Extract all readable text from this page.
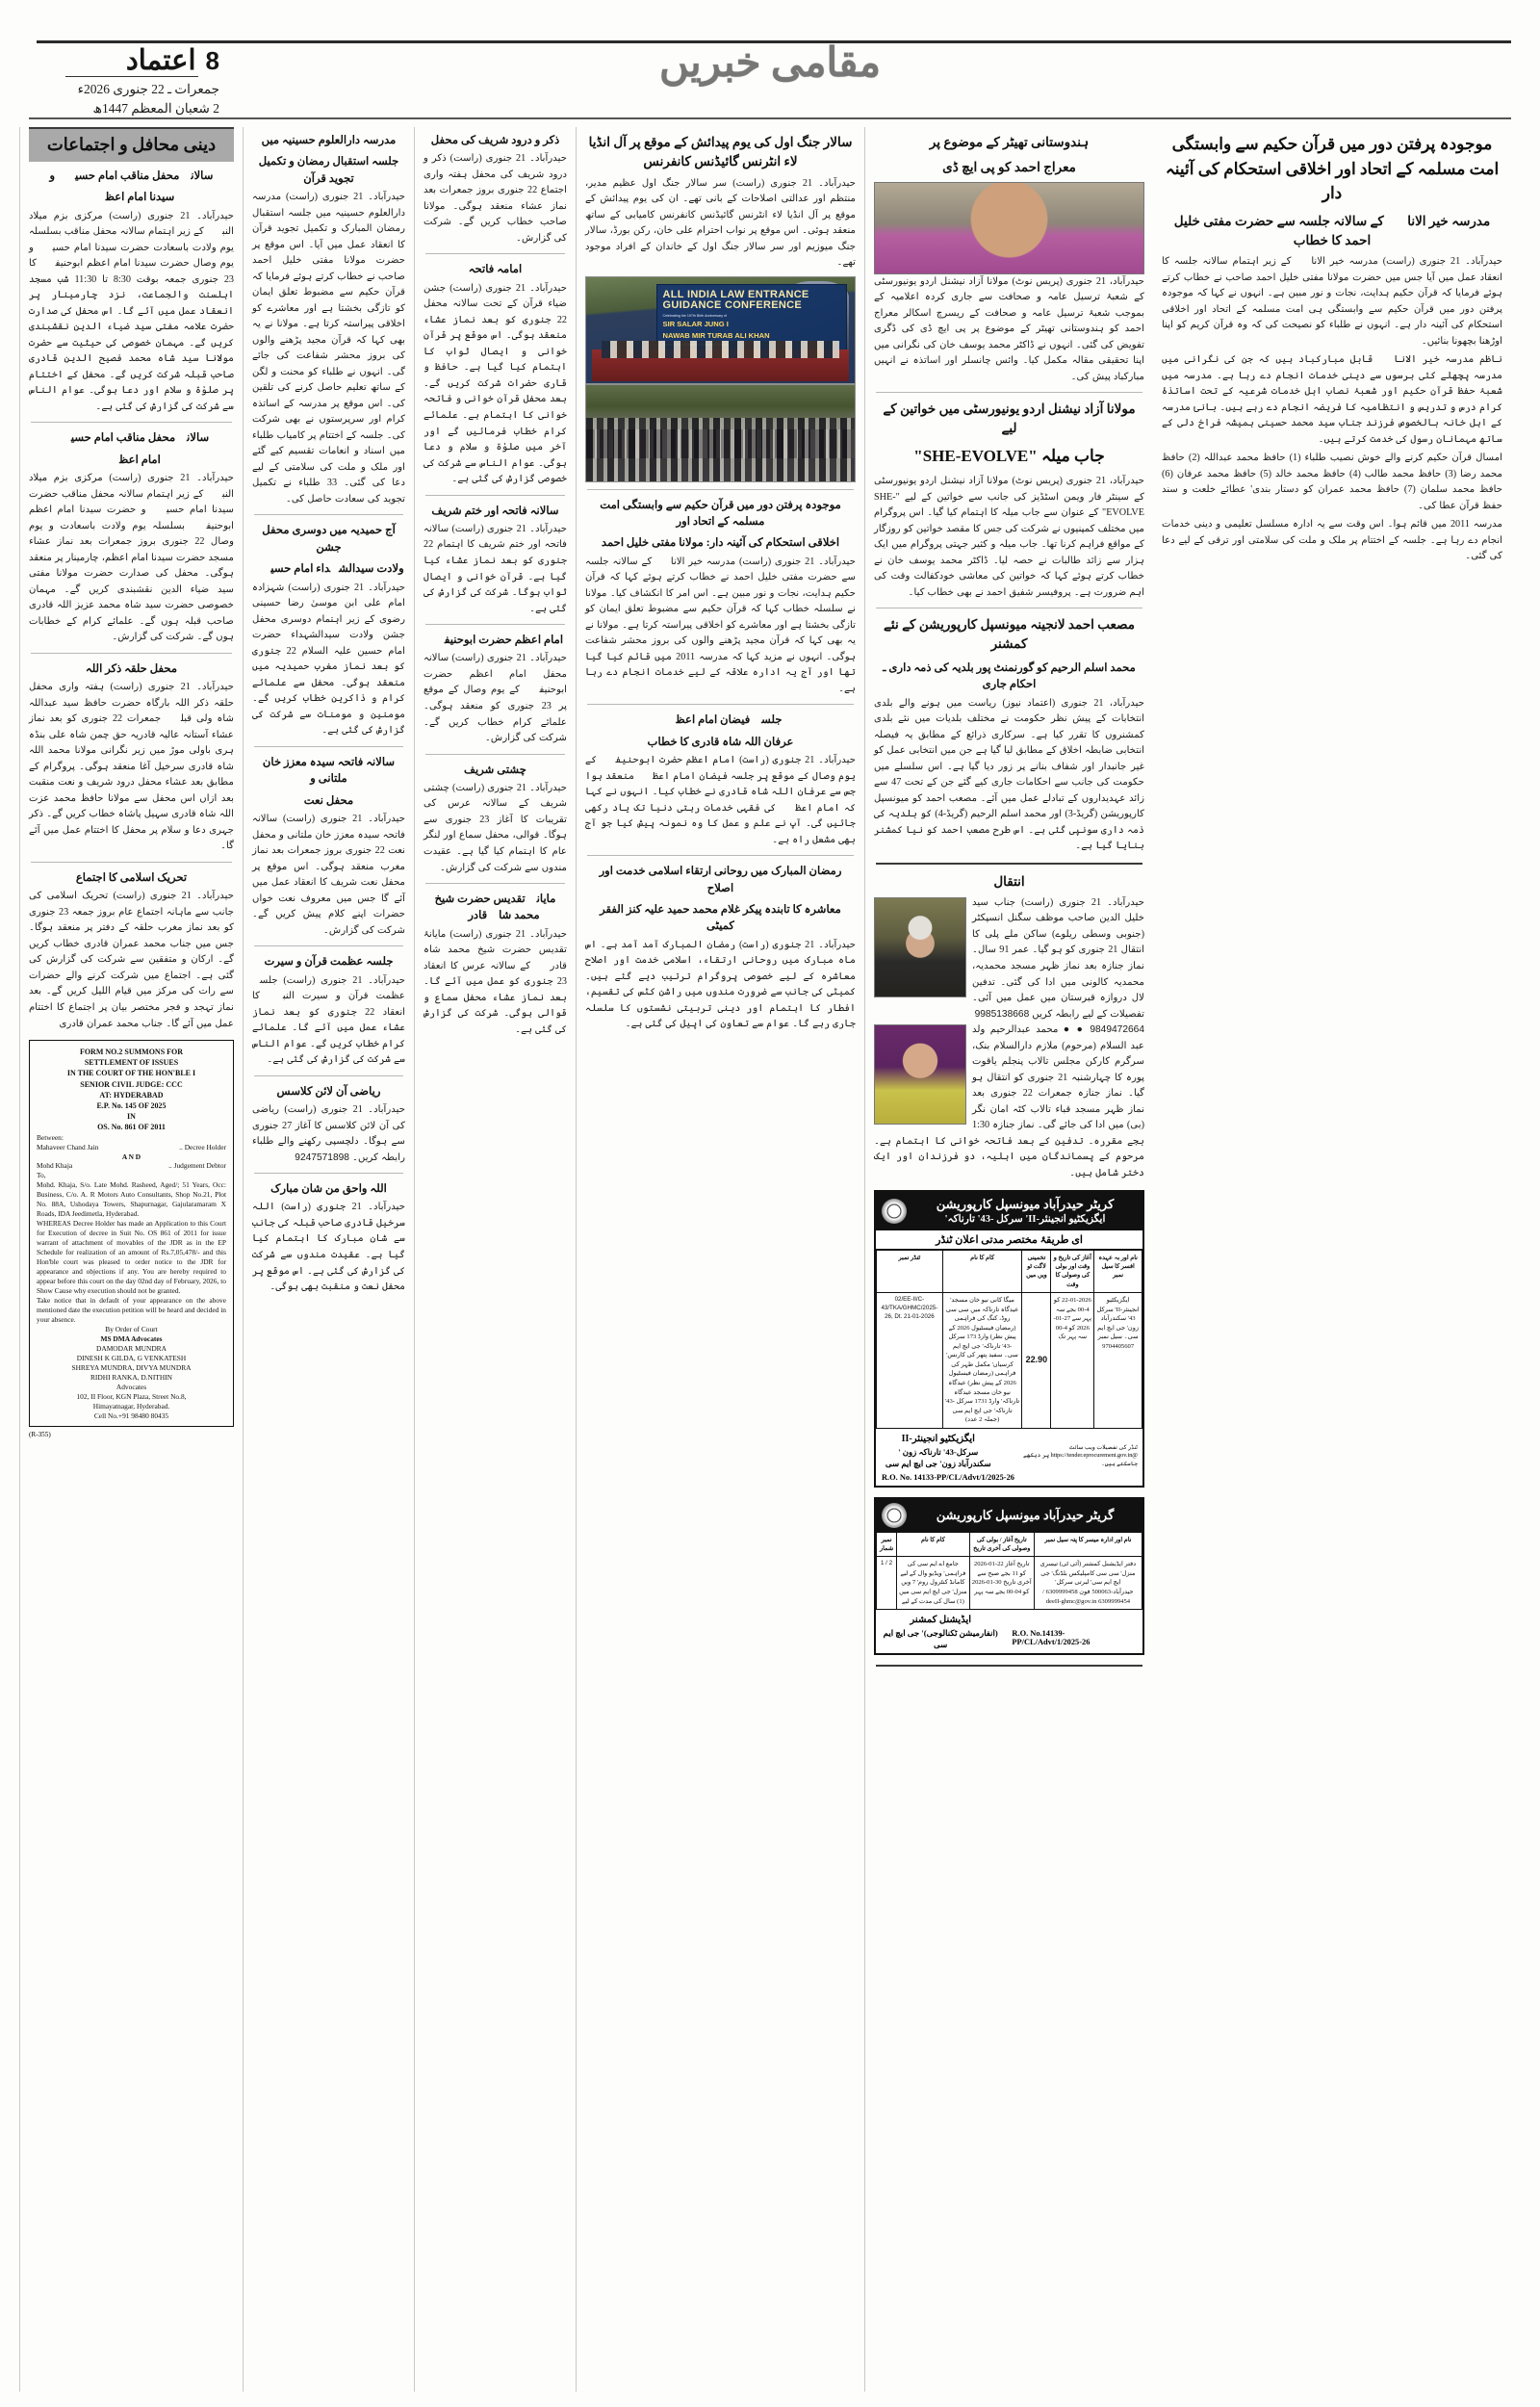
8اعتماد
جمعرات ـ 22 جنوری 2026ء
2 شعبان المعظم 1447ھ
مقامی خبریں
دینی محافل و اجتماعات
سالانہ محفل مناقب امام حسینؓ و
سیدنا امام اعظمؒ
حیدرآباد۔ 21 جنوری (راست) مرکزی بزم میلاد النبیؐ کے زیر اہتمام سالانہ محفل مناقب بسلسلہ یوم ولادت باسعادت حضرت سیدنا امام حسینؓ و یوم وصال حضرت سیدنا امام اعظم ابوحنیفہؒ کا 23 جنوری جمعہ بوقت 8:30 تا 11:30 شب مسجد اہلسنت والجماعت، نزد چارمینار پر انعقاد عمل میں آئے گا۔ اس محفل کی صدارت حضرت علامہ مفتی سید ضیاء الدین نقشبندی کریں گے۔ مہمان خصوصی کی حیثیت سے حضرت مولانا سید شاہ محمد فصیح الدین قادری صاحب قبلہ شرکت کریں گے۔ محفل کے اختتام پر صلوٰۃ و سلام اور دعا ہوگی۔ عوام الناس سے شرکت کی گزارش کی گئی ہے۔
سالانہ محفل مناقب امام حسینؓ
امام اعظمؒ
حیدرآباد۔ 21 جنوری (راست) مرکزی بزم میلاد النبیؐ کے زیر اہتمام سالانہ محفل مناقب حضرت سیدنا امام حسینؓ و حضرت سیدنا امام اعظم ابوحنیفہؒ بسلسلہ یوم ولادت باسعادت و یوم وصال 22 جنوری بروز جمعرات بعد نماز عشاء مسجد حضرت سیدنا امام اعظم، چارمینار پر منعقد ہوگی۔ محفل کی صدارت حضرت مولانا مفتی سید ضیاء الدین نقشبندی کریں گے۔ مہمان خصوصی حضرت سید شاہ محمد عزیز اللہ قادری صاحب قبلہ ہوں گے۔ علمائے کرام کے خطابات ہوں گے۔ شرکت کی گزارش۔
محفل حلقہ ذکر اللہ
حیدرآباد۔ 21 جنوری (راست) ہفتہ واری محفل حلقہ ذکر اللہ بارگاہ حضرت حافظ سید عبداللہ شاہ ولی قبلہؒ جمعرات 22 جنوری کو بعد نماز عشاء آستانہ عالیہ قادریہ حق چمن شاہ علی بنڈہ ہری باولی موڑ میں زیر نگرانی مولانا محمد اللہ شاہ قادری سرخیل آغا منعقد ہوگی۔ پروگرام کے مطابق بعد عشاء محفل درود شریف و نعت منقبت بعد ازاں اس محفل سے مولانا حافظ محمد عزت اللہ شاہ قادری سہیل پاشاہ خطاب کریں گے۔ ذکر جہری دعا و سلام پر محفل کا اختتام عمل میں آئے گا۔
تحریک اسلامی کا اجتماع
حیدرآباد۔ 21 جنوری (راست) تحریک اسلامی کی جانب سے ماہانہ اجتماع عام بروز جمعہ 23 جنوری کو بعد نماز مغرب حلقہ کے دفتر پر منعقد ہوگا۔ جس میں جناب محمد عمران قادری خطاب کریں گے۔ ارکان و متفقین سے شرکت کی گزارش کی گئی ہے۔ اجتماع میں شرکت کرنے والے حضرات سے رات کی مرکز میں قیام اللیل کریں گے۔ بعد نماز تہجد و فجر مختصر بیان پر اجتماع کا اختتام عمل میں آئے گا۔ جناب محمد عمران قادری
FORM NO.2 SUMMONS FOR
SETTLEMENT OF ISSUES
IN THE COURT OF THE HON'BLE I
SENIOR CIVIL JUDGE: CCC
AT: HYDERABAD
E.P. No. 145 OF 2025
IN
OS. No. 861 OF 2011
Between:
Mahaveer Chand Jain	.. Decree Holder
A N D
Mohd Khaja	.. Judgement Debtor
To,
Mohd. Khaja, S/o. Late Mohd. Rasheed, Aged/; 51 Years, Occ: Business, C/o. A. R Motors Auto Consultants, Shop No.21, Plot No. 88A, Ushodaya Towers, Shapurnagar, Gajularamaram X Roads, IDA Jeedimetla, Hyderabad.
WHEREAS Decree Holder has made an Application to this Court for Execution of decree in Suit No. OS 861 of 2011 for issue warrant of attachment of movables of the JDR as in the EP Schedule for realization of an amount of Rs.7,05,478/- and this Hon'ble court was pleased to order notice to the JDR for appearance and objections if any. You are hereby required to appear before this court on the day 02nd day of February, 2026, to Show Cause why execution should not be granted.
Take notice that in default of your appearance on the above mentioned date the execution petition will be heard and decided in your absence.
By Order of Court
MS DMA Advocates
DAMODAR MUNDRA
DINESH K GILDA, G VENKATESH
SHREYA MUNDRA, DIVYA MUNDRA
RIDHI RANKA, D.NITHIN
Advocates
102, II Floor, KGN Plaza, Street No.8,
Himayatnagar, Hyderabad.
Cell No.+91 98480 80435
(R-355)
مدرسہ دارالعلوم حسینیہ میں
جلسہ استقبال رمضان و تکمیل تجوید قرآن
حیدرآباد۔ 21 جنوری (راست) مدرسہ دارالعلوم حسینیہ میں جلسہ استقبال رمضان المبارک و تکمیل تجوید قرآن کا انعقاد عمل میں آیا۔ اس موقع پر حضرت مولانا مفتی خلیل احمد صاحب نے خطاب کرتے ہوئے فرمایا کہ قرآن حکیم سے مضبوط تعلق ایمان کو تازگی بخشتا ہے اور معاشرے کو اخلاقی پیراستہ کرتا ہے۔ مولانا نے یہ بھی کہا کہ قرآن مجید پڑھنے والوں کی بروز محشر شفاعت کی جائے گی۔ انہوں نے طلباء کو محنت و لگن کے ساتھ تعلیم حاصل کرنے کی تلقین کی۔ اس موقع پر مدرسہ کے اساتذہ کرام اور سرپرستوں نے بھی شرکت کی۔ جلسہ کے اختتام پر کامیاب طلباء میں اسناد و انعامات تقسیم کیے گئے اور ملک و ملت کی سلامتی کے لیے دعا کی گئی۔ 33 طلباء نے تکمیل تجوید کی سعادت حاصل کی۔
آج حمیدیہ میں دوسری محفل جشن
ولادت سیدالشہداء امام حسینؓ
حیدرآباد۔ 21 جنوری (راست) شہزادہ امام علی ابن موسیٰ رضا حسینی رضوی کے زیر اہتمام دوسری محفل جشن ولادت سیدالشہداء حضرت امام حسین علیہ السلام 22 جنوری کو بعد نماز مغرب حمیدیہ میں منعقد ہوگی۔ محفل سے علمائے کرام و ذاکرین خطاب کریں گے۔ مومنین و مومنات سے شرکت کی گزارش کی گئی ہے۔
سالانہ فاتحہ سیدہ معزز خان ملتانی و
محفل نعت
حیدرآباد۔ 21 جنوری (راست) سالانہ فاتحہ سیدہ معزز خان ملتانی و محفل نعت 22 جنوری بروز جمعرات بعد نماز مغرب منعقد ہوگی۔ اس موقع پر محفل نعت شریف کا انعقاد عمل میں آئے گا جس میں معروف نعت خواں حضرات اپنے کلام پیش کریں گے۔ شرکت کی گزارش۔
جلسہ عظمت قرآن و سیرت
حیدرآباد۔ 21 جنوری (راست) جلسہ عظمت قرآن و سیرت النبیؐ کا انعقاد 22 جنوری کو بعد نماز عشاء عمل میں آئے گا۔ علمائے کرام خطاب کریں گے۔ عوام الناس سے شرکت کی گزارش کی گئی ہے۔
ریاضی آن لائن کلاسس
حیدرآباد۔ 21 جنوری (راست) ریاضی کی آن لائن کلاسس کا آغاز 27 جنوری سے ہوگا۔ دلچسپی رکھنے والے طلباء رابطہ کریں۔ 9247571898
اللہ واحق من شان مبارک
حیدرآباد۔ 21 جنوری (راست) اللہ سرخیل قادری صاحب قبلہ کی جانب سے شان مبارک کا اہتمام کیا گیا ہے۔ عقیدت مندوں سے شرکت کی گزارش کی گئی ہے۔ اس موقع پر محفل نعت و منقبت بھی ہوگی۔
ذکر و درود شریف کی محفل
حیدرآباد۔ 21 جنوری (راست) ذکر و درود شریف کی محفل ہفتہ واری اجتماع 22 جنوری بروز جمعرات بعد نماز عشاء منعقد ہوگی۔ مولانا صاحب خطاب کریں گے۔ شرکت کی گزارش۔
امامہ فاتحہ
حیدرآباد۔ 21 جنوری (راست) جشن ضیاء قرآن کے تحت سالانہ محفل 22 جنوری کو بعد نماز عشاء منعقد ہوگی۔ اس موقع پر قرآن خوانی و ایصال ثواب کا اہتمام کیا گیا ہے۔ حافظ و قاری حضرات شرکت کریں گے۔ بعد محفل قرآن خوانی و فاتحہ خوانی کا اہتمام ہے۔ علمائے کرام خطاب فرمائیں گے اور آخر میں صلوٰۃ و سلام و دعا ہوگی۔ عوام الناس سے شرکت کی خصوصی گزارش کی گئی ہے۔
سالانہ فاتحہ اور ختم شریف
حیدرآباد۔ 21 جنوری (راست) سالانہ فاتحہ اور ختم شریف کا اہتمام 22 جنوری کو بعد نماز عشاء کیا گیا ہے۔ قرآن خوانی و ایصال ثواب ہوگا۔ شرکت کی گزارش کی گئی ہے۔
امام اعظم حضرت ابوحنیفہؒ
حیدرآباد۔ 21 جنوری (راست) سالانہ محفل امام اعظم حضرت ابوحنیفہؒ کے یوم وصال کے موقع پر 23 جنوری کو منعقد ہوگی۔ علمائے کرام خطاب کریں گے۔ شرکت کی گزارش۔
چشتی شریف
حیدرآباد۔ 21 جنوری (راست) چشتی شریف کے سالانہ عرس کی تقریبات کا آغاز 23 جنوری سے ہوگا۔ قوالی، محفل سماع اور لنگر عام کا اہتمام کیا گیا ہے۔ عقیدت مندوں سے شرکت کی گزارش۔
مایانۂ تقدیس حضرت شیخ محمد شاہ قادریؒ
حیدرآباد۔ 21 جنوری (راست) مایانۂ تقدیس حضرت شیخ محمد شاہ قادریؒ کے سالانہ عرس کا انعقاد 23 جنوری کو عمل میں آئے گا۔ بعد نماز عشاء محفل سماع و قوالی ہوگی۔ شرکت کی گزارش کی گئی ہے۔
سالار جنگ اول کی یوم پیدائش کے موقع پر آل انڈیا لاء انٹرنس گائیڈنس کانفرنس
حیدرآباد۔ 21 جنوری (راست) سر سالار جنگ اول عظیم مدیر، منتظم اور عدالتی اصلاحات کے بانی تھے۔ ان کی یوم پیدائش کے موقع پر آل انڈیا لاء انٹرنس گائیڈنس کانفرنس کامیابی کے ساتھ منعقد ہوئی۔ اس موقع پر نواب احترام علی خان، رکن بورڈ، سالار جنگ میوزیم اور سر سالار جنگ اول کے خاندان کے افراد موجود تھے۔
ALL INDIA LAW ENTRANCE
GUIDANCE CONFERENCE
Celebrating the 197th Birth Anniversary of
SIR SALAR JUNG I
NAWAB MIR TURAB ALI KHAN
موجودہ پرفتن دور میں قرآن حکیم سے وابستگی امت مسلمہ کے اتحاد اور
اخلاقی استحکام کی آئینہ دار: مولانا مفتی خلیل احمد
حیدرآباد۔ 21 جنوری (راست) مدرسہ خیر الانامؐ کے سالانہ جلسہ سے حضرت مفتی خلیل احمد نے خطاب کرتے ہوئے کہا کہ قرآن حکیم ہدایت، نجات و نور مبین ہے۔ اس امر کا انکشاف کیا۔ مولانا نے سلسلہ خطاب کہا کہ قرآن حکیم سے مضبوط تعلق ایمان کو تازگی بخشتا ہے اور معاشرے کو اخلاقی پیراستہ کرتا ہے۔ مولانا نے یہ بھی کہا کہ قرآن مجید پڑھنے والوں کی بروز محشر شفاعت ہوگی۔ انہوں نے مزید کہا کہ مدرسہ 2011 میں قائم کیا گیا تھا اور آج یہ ادارہ علاقہ کے لیے خدمات انجام دے رہا ہے۔
جلسہ فیضان امام اعظمؒ
عرفان اللہ شاہ قادری کا خطاب
حیدرآباد۔ 21 جنوری (راست) امام اعظم حضرت ابوحنیفہؒ کے یوم وصال کے موقع پر جلسہ فیضان امام اعظمؒ منعقد ہوا جس سے عرفان اللہ شاہ قادری نے خطاب کیا۔ انہوں نے کہا کہ امام اعظمؒ کی فقہی خدمات رہتی دنیا تک یاد رکھی جائیں گی۔ آپ نے علم و عمل کا وہ نمونہ پیش کیا جو آج بھی مشعل راہ ہے۔
رمضان المبارک میں روحانی ارتقاء اسلامی خدمت اور اصلاح
معاشرہ کا تابندہ پیکر غلام محمد حمید علیہ کنز الفقر کمیٹی
حیدرآباد۔ 21 جنوری (راست) رمضان المبارک آمد آمد ہے۔ اس ماہ مبارک میں روحانی ارتقاء، اسلامی خدمت اور اصلاح معاشرہ کے لیے خصوصی پروگرام ترتیب دیے گئے ہیں۔ کمیٹی کی جانب سے ضرورت مندوں میں راشن کٹس کی تقسیم، افطار کا اہتمام اور دینی تربیتی نشستوں کا سلسلہ جاری رہے گا۔ عوام سے تعاون کی اپیل کی گئی ہے۔
ہندوستانی تھیٹر کے موضوع پر
معراج احمد کو پی ایچ ڈی
حیدرآباد، 21 جنوری (پریس نوٹ) مولانا آزاد نیشنل اردو یونیورسٹی کے شعبۂ ترسیل عامہ و صحافت سے جاری کردہ اعلامیہ کے بموجب شعبۂ ترسیل عامہ و صحافت کے ریسرچ اسکالر معراج احمد کو ہندوستانی تھیٹر کے موضوع پر پی ایچ ڈی کی ڈگری تفویض کی گئی۔ انہوں نے ڈاکٹر محمد یوسف خان کی نگرانی میں اپنا تحقیقی مقالہ مکمل کیا۔ وائس چانسلر اور اساتذہ نے انہیں مبارکباد پیش کی۔
مولانا آزاد نیشنل اردو یونیورسٹی میں خواتین کے لیے
"SHE-EVOLVE" جاب میلہ
حیدرآباد، 21 جنوری (پریس نوٹ) مولانا آزاد نیشنل اردو یونیورسٹی کے سینٹر فار ویمن اسٹڈیز کی جانب سے خواتین کے لیے "SHE-EVOLVE" کے عنوان سے جاب میلہ کا اہتمام کیا گیا۔ اس پروگرام میں مختلف کمپنیوں نے شرکت کی جس کا مقصد خواتین کو روزگار کے مواقع فراہم کرنا تھا۔ جاب میلہ و کثیر جہتی پروگرام میں ایک ہزار سے زائد طالبات نے حصہ لیا۔ ڈاکٹر محمد یوسف خان نے خطاب کرتے ہوئے کہا کہ خواتین کی معاشی خودکفالت وقت کی اہم ضرورت ہے۔ پروفیسر شفیق احمد نے بھی خطاب کیا۔
مصعب احمد لانجینہ میونسپل کارپوریشن کے نئے کمشنر
محمد اسلم الرحیم کو گورنمنٹ پور بلدیہ کی ذمہ داری ـ احکام جاری
حیدرآباد، 21 جنوری (اعتماد نیوز) ریاست میں ہونے والے بلدی انتخابات کے پیش نظر حکومت نے مختلف بلدیات میں نئے بلدی کمشنروں کا تقرر کیا ہے۔ سرکاری ذرائع کے مطابق یہ فیصلہ انتخابی ضابطہ اخلاق کے مطابق لیا گیا ہے جن میں انتخابی عمل کو غیر جانبدار اور شفاف بنانے پر زور دیا گیا ہے۔ اس سلسلے میں حکومت کی جانب سے احکامات جاری کیے گئے جن کے تحت 47 سے زائد عہدیداروں کے تبادلے عمل میں آئے۔ مصعب احمد کو میونسپل کارپوریشن (گریڈ-3) اور محمد اسلم الرحیم (گریڈ-4) کو بلدیہ کی ذمہ داری سونپی گئی ہے۔ اس طرح مصعب احمد کو نیا کمشنر بنایا گیا ہے۔
انتقال
حیدرآباد۔ 21 جنوری (راست) جناب سید خلیل الدین صاحب موظف سگنل انسپکٹر (جنوبی وسطی ریلوے) ساکن ملے پلی کا انتقال 21 جنوری کو ہو گیا۔ عمر 91 سال۔ نماز جنازہ بعد نماز ظہر مسجد محمدیہ، محمدیہ کالونی میں ادا کی گئی۔ تدفین لال دروازہ قبرستان میں عمل میں آئی۔ تفصیلات کے لیے رابطہ کریں 9985138668
9849472664 ● ● محمد عبدالرحیم ولد عبد السلام (مرحوم) ملازم دارالسلام بنک، سرگرم کارکن مجلس تالاب پنجلم یاقوت پورہ کا چہارشنبہ 21 جنوری کو انتقال ہو گیا۔ نماز جنازہ جمعرات 22 جنوری بعد نماز ظہر مسجد قباء تالاب کٹہ امان نگر (بی) میں ادا کی جائے گی۔ نماز جنازہ 1:30 بجے مقررہ۔ تدفین کے بعد فاتحہ خوانی کا اہتمام ہے۔ مرحوم کے پسماندگان میں اہلیہ، دو فرزندان اور ایک دختر شامل ہیں۔
کریٹر حیدرآباد میونسپل کارپوریشن
ایگزیکٹیو انجینئر-II' سرکل -43' تارناکہ'
ای طریقۂ مختصر مدتی اعلان ٹنڈر
نام اور بہ عہدہ افسر کا سیل نمبر	آغاز کی تاریخ و وقت اور بولی کی وصولی کا وقت	تخمینی لاگت ٹو ویں میں	کام کا نام	ٹنڈر نمبر
ایگزیکٹیو انجینئر-II' سرکل 43' سکندرآباد زون' جی ایچ ایم سی۔ سیل نمبر 9704405607	22-01-2026 کو 4-00 بجے سہ پہر سے 27-01-2026 کو 4-00 سہ پہر تک	22.90	میگا کانی نیو خان مسجد' عیدگاہ تارناکہ میں سی سی روڈ، کنگ کی فراہمی (رمضان فیسٹیول 2026 کے پیش نظر) وارڈ 173 سرکل -43' تارناکہ' جی ایچ ایم سی۔ سفید پتھر کی کارنس' کرسیاں' مکمل طہر کی فراہمی (رمضان فیسٹیول 2026 کے پیش نظر) عیدگاہ نیو خان مسجد عیدگاہ تارناکہ' وارڈ 1731 سرکل -43' تارناکہ' جی ایچ ایم سی (جملہ 2 عدد)	02/EE-II/C-43/TKA/GHMC/2025-26, Dt. 21-01-2026
ایگزیکٹیو انجینئر-II
سرکل-43' تارناکہ زون ' سکندرآباد زون' جی ایچ ایم سی
ٹنڈر کی تفصیلات ویب سائٹ @https://tender.eprocurement.gov.in پر دیکھے جاسکتے ہیں۔
R.O. No. 14133-PP/CL/Advt/1/2025-26
گریٹر حیدرآباد میونسپل کارپوریشن
نام اور ادارہ میسر کا پتہ سیل نمبر	تاریخ آغاز / بولی کی وصولی کی آخری تاریخ	کام کا نام	نمبر شمار
دفتر ایڈیشنل کمشنر (آئی ٹی) تیسری منزل' سی سی کامپلیکس بلڈنگ' جی ایچ ایم سی' لبرتی سرکل' حیدرآباد-500063 فون 6309999458 / 6309999454 deeII-ghmc@gov.in	تاریخ آغاز 22-01-2026 کو 11 بجے صبح سے آخری تاریخ 30-01-2026 کو 04-00 بجے سہ پہر	جامع اے ایم سی کی فراہمی' ویڈیو وال کے لیے کامانڈ کنٹرول روم' 7 ویں منزل' جی ایچ ایم سی میں (1) سال کی مدت کے لیے	1 / 2
ایڈیشنل کمشنر
(انفارمیشن ٹکنالوجی)' جی ایچ ایم سی
R.O. No.14139-PP/CL/Advt/1/2025-26
موجودہ پرفتن دور میں قرآن حکیم سے وابستگی امت مسلمہ کے اتحاد اور اخلاقی استحکام کی آئینہ دار
مدرسہ خیر الانامؐ کے سالانہ جلسہ سے حضرت مفتی خلیل احمد کا خطاب

حیدرآباد۔ 21 جنوری (راست) مدرسہ خیر الانامؐ کے زیر اہتمام سالانہ جلسہ کا انعقاد عمل میں آیا جس میں حضرت مولانا مفتی خلیل احمد صاحب نے خطاب کرتے ہوئے فرمایا کہ قرآن حکیم ہدایت، نجات و نور مبین ہے۔ انہوں نے کہا کہ موجودہ پرفتن دور میں قرآن حکیم سے وابستگی ہی امت مسلمہ کے اتحاد اور اخلاقی استحکام کی آئینہ دار ہے۔ انہوں نے طلباء کو نصیحت کی کہ وہ قرآن کریم کو اپنا اوڑھنا بچھونا بنائیں۔

ناظم مدرسہ خیر الانامؐ قابل مبارکباد ہیں کہ جن کی نگرانی میں مدرسہ پچھلے کئی برسوں سے دینی خدمات انجام دے رہا ہے۔ مدرسہ میں شعبۂ حفظ قرآن حکیم اور شعبۂ نصاب اہل خدمات شرعیہ کے تحت اساتذۂ کرام درس و تدریس و انتظامیہ کا فریضہ انجام دے رہے ہیں۔ بانیٔ مدرسہ کے اہل خانہ بالخصوص فرزند جناب سید محمد حسینی ہمیشہ فراخ دلی کے ساتھ مہمانان رسول کی خدمت کرتے ہیں۔

امسال قرآن حکیم کرنے والے خوش نصیب طلباء (1) حافظ محمد عبداللہ (2) حافظ محمد رضا (3) حافظ محمد طالب (4) حافظ محمد خالد (5) حافظ محمد عرفان (6) حافظ محمد سلمان (7) حافظ محمد عمران کو دستار بندی' عطائے خلعت و سند حفظ قرآن عطا کی۔

مدرسہ 2011 میں قائم ہوا۔ اس وقت سے یہ ادارہ مسلسل تعلیمی و دینی خدمات انجام دے رہا ہے۔ جلسہ کے اختتام پر ملک و ملت کی سلامتی اور ترقی کے لیے دعا کی گئی۔
